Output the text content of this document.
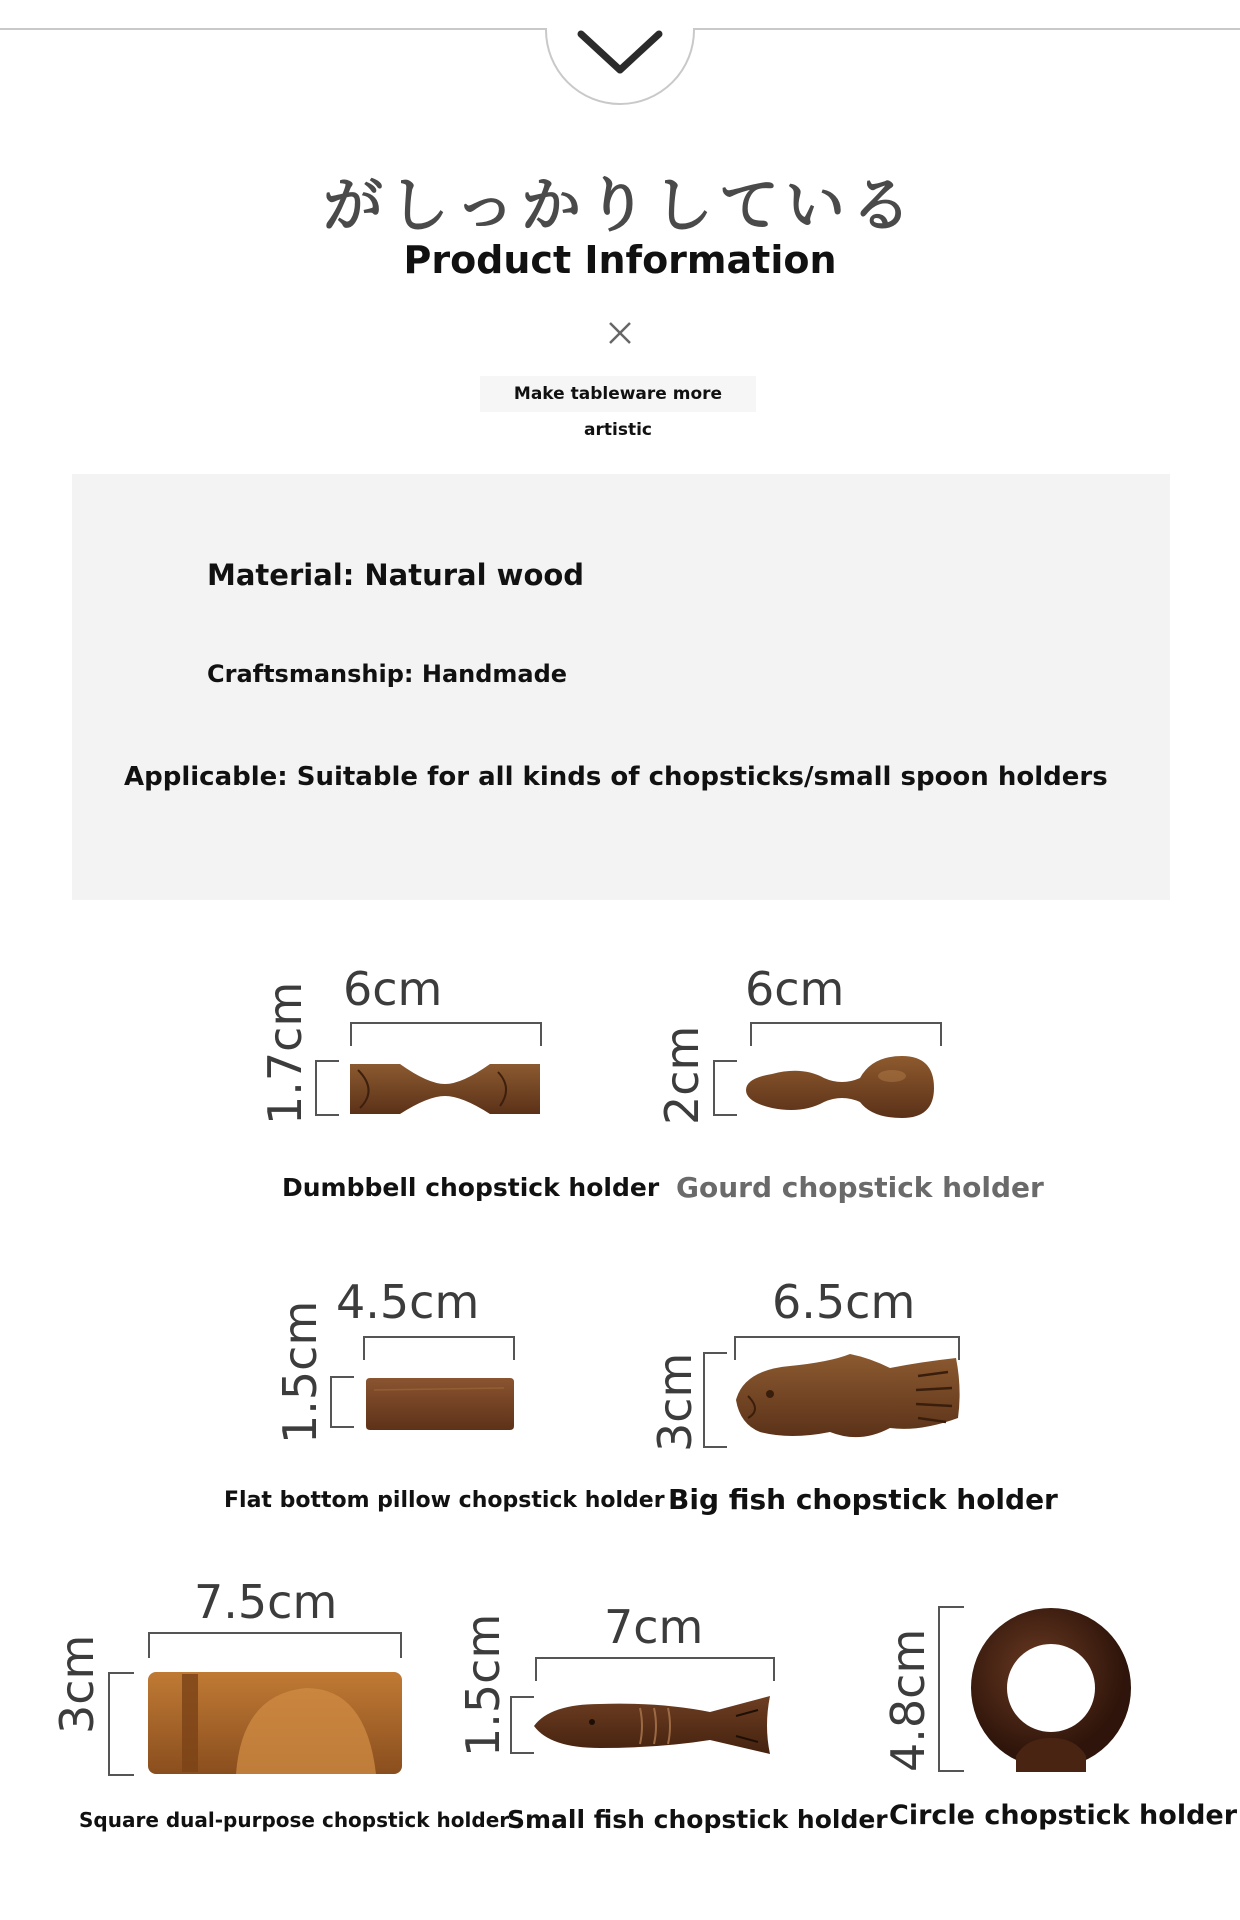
がしっかりしている
Product Information
Make tableware more artistic
Material: Natural wood
Craftsmanship: Handmade
Applicable: Suitable for all kinds of chopsticks/small spoon holders
6cm
1.7cm
Dumbbell chopstick holder
6cm
2cm
Gourd chopstick holder
4.5cm
1.5cm
Flat bottom pillow chopstick holder
6.5cm
3cm
Big fish chopstick holder
7.5cm
3cm
Square dual-purpose chopstick holder
7cm
1.5cm
Small fish chopstick holder
4.8cm
Circle chopstick holder
